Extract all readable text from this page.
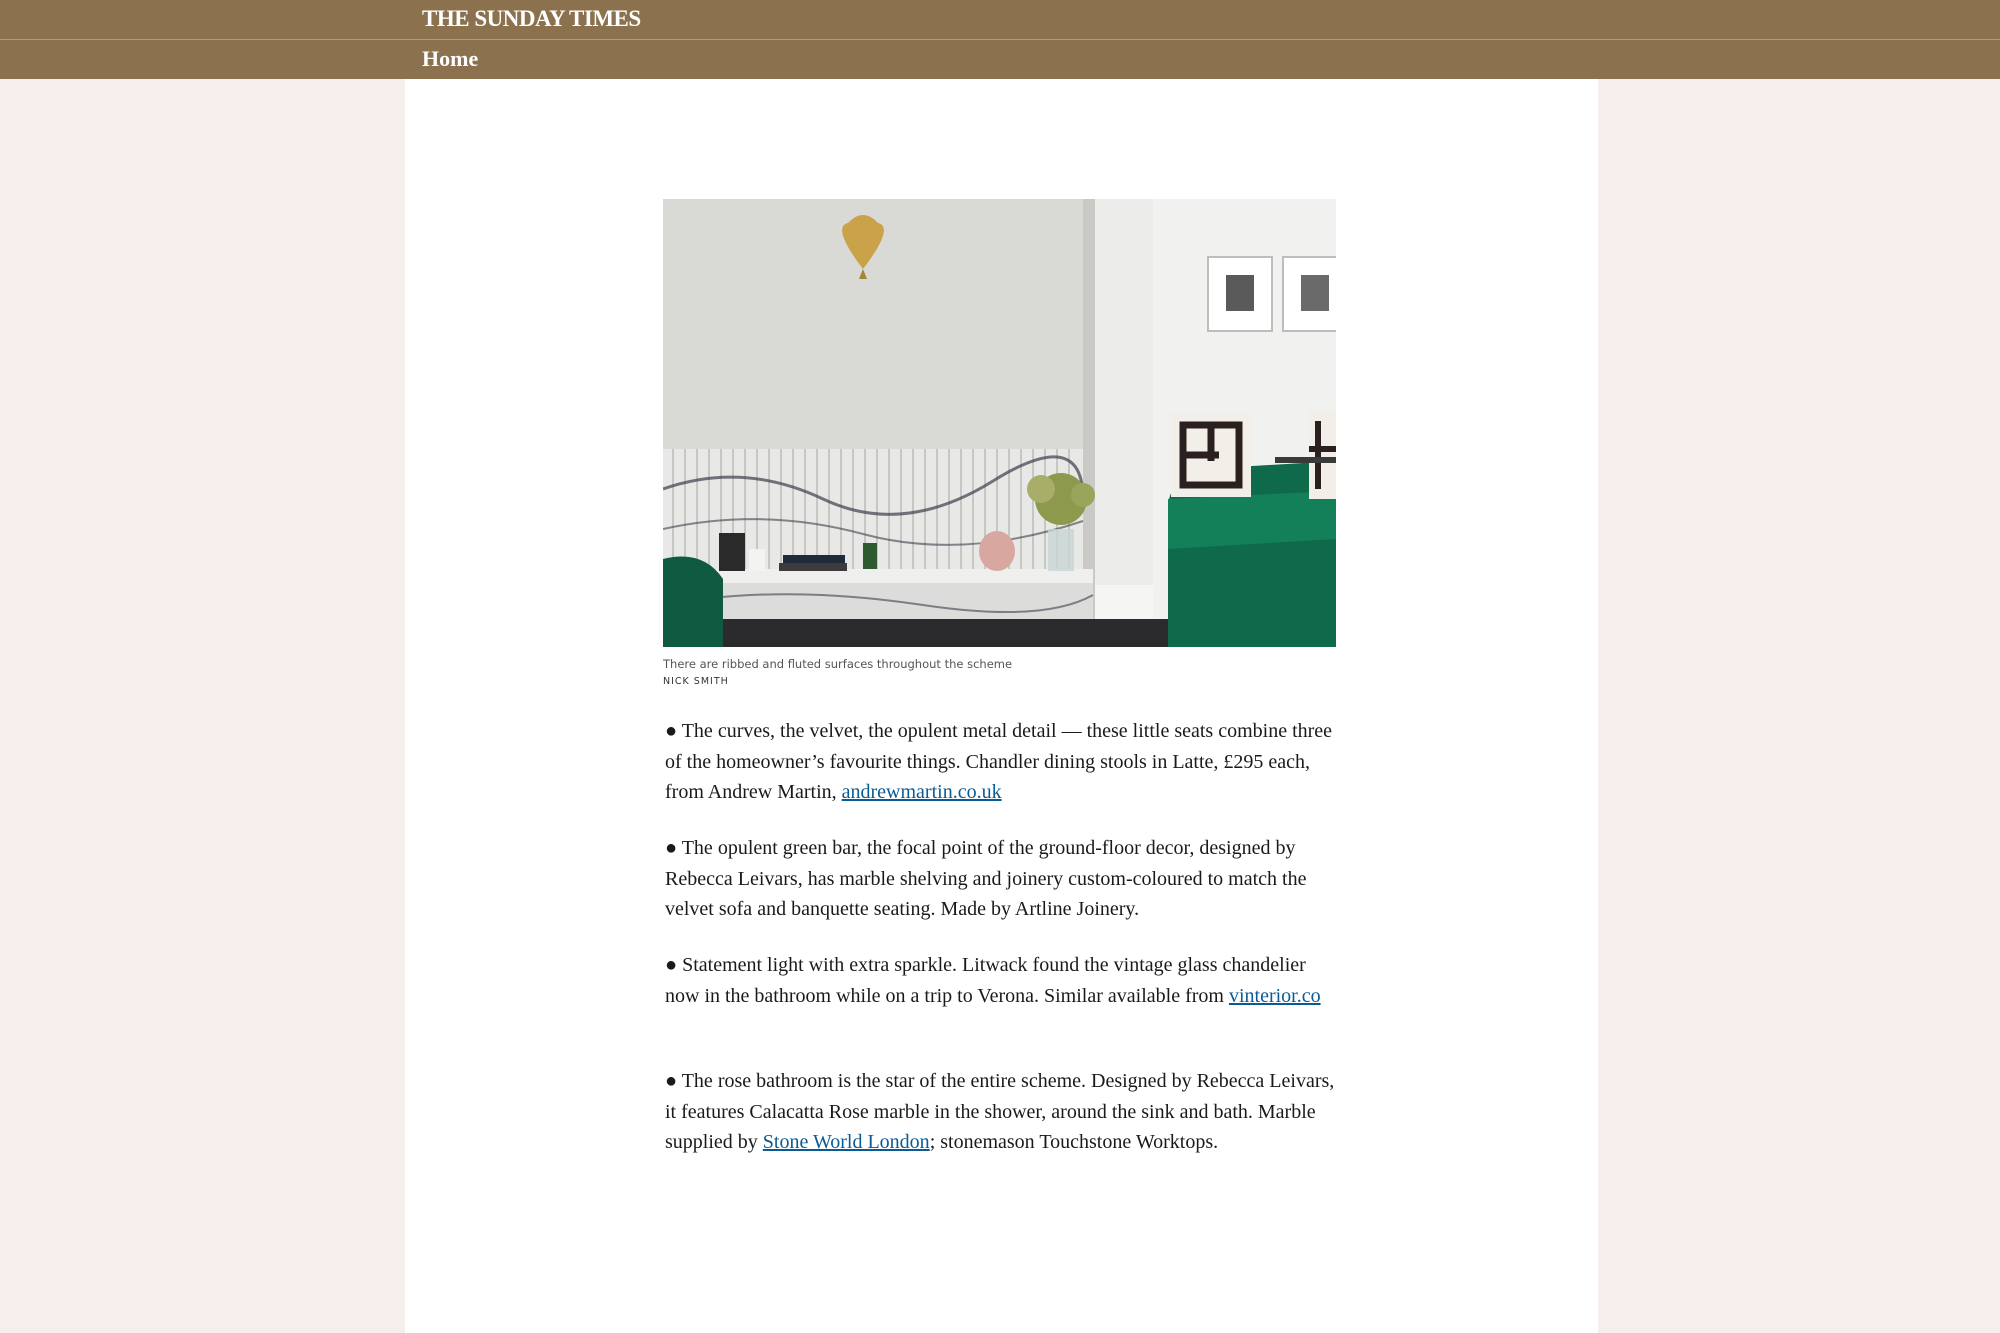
THE SUNDAY TIMES
Home
There are ribbed and fluted surfaces throughout the scheme
NICK SMITH

● The curves, the velvet, the opulent metal detail — these little seats combine three of the homeowner’s favourite things. Chandler dining stools in Latte, £295 each, from Andrew Martin, andrewmartin.co.uk

● The opulent green bar, the focal point of the ground-floor decor, designed by Rebecca Leivars, has marble shelving and joinery custom-coloured to match the velvet sofa and banquette seating. Made by Artline Joinery.

● Statement light with extra sparkle. Litwack found the vintage glass chandelier now in the bathroom while on a trip to Verona. Similar available from vinterior.co

● The rose bathroom is the star of the entire scheme. Designed by Rebecca Leivars, it features Calacatta Rose marble in the shower, around the sink and bath. Marble supplied by Stone World London; stonemason Touchstone Worktops.
